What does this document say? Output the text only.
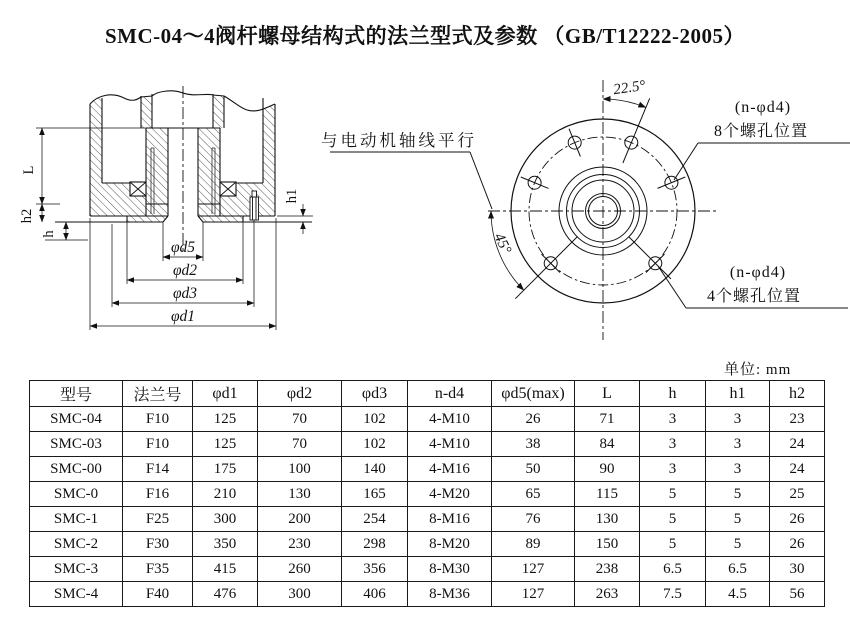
SMC-04～4阀杆螺母结构式的法兰型式及参数 （GB/T12222-2005）
L
h2
h
h1
φd5
φd2
φd3
φd1
22.5°
45°
与电动机轴线平行
(n-φd4)
8个螺孔位置
(n-φd4)
4个螺孔位置
单位: mm
型号	法兰号	φd1	φd2	φd3	n-d4	φd5(max)	L	h	h1	h2
SMC-04	F10	125	70	102	4-M10	26	71	3	3	23
SMC-03	F10	125	70	102	4-M10	38	84	3	3	24
SMC-00	F14	175	100	140	4-M16	50	90	3	3	24
SMC-0	F16	210	130	165	4-M20	65	115	5	5	25
SMC-1	F25	300	200	254	8-M16	76	130	5	5	26
SMC-2	F30	350	230	298	8-M20	89	150	5	5	26
SMC-3	F35	415	260	356	8-M30	127	238	6.5	6.5	30
SMC-4	F40	476	300	406	8-M36	127	263	7.5	4.5	56
